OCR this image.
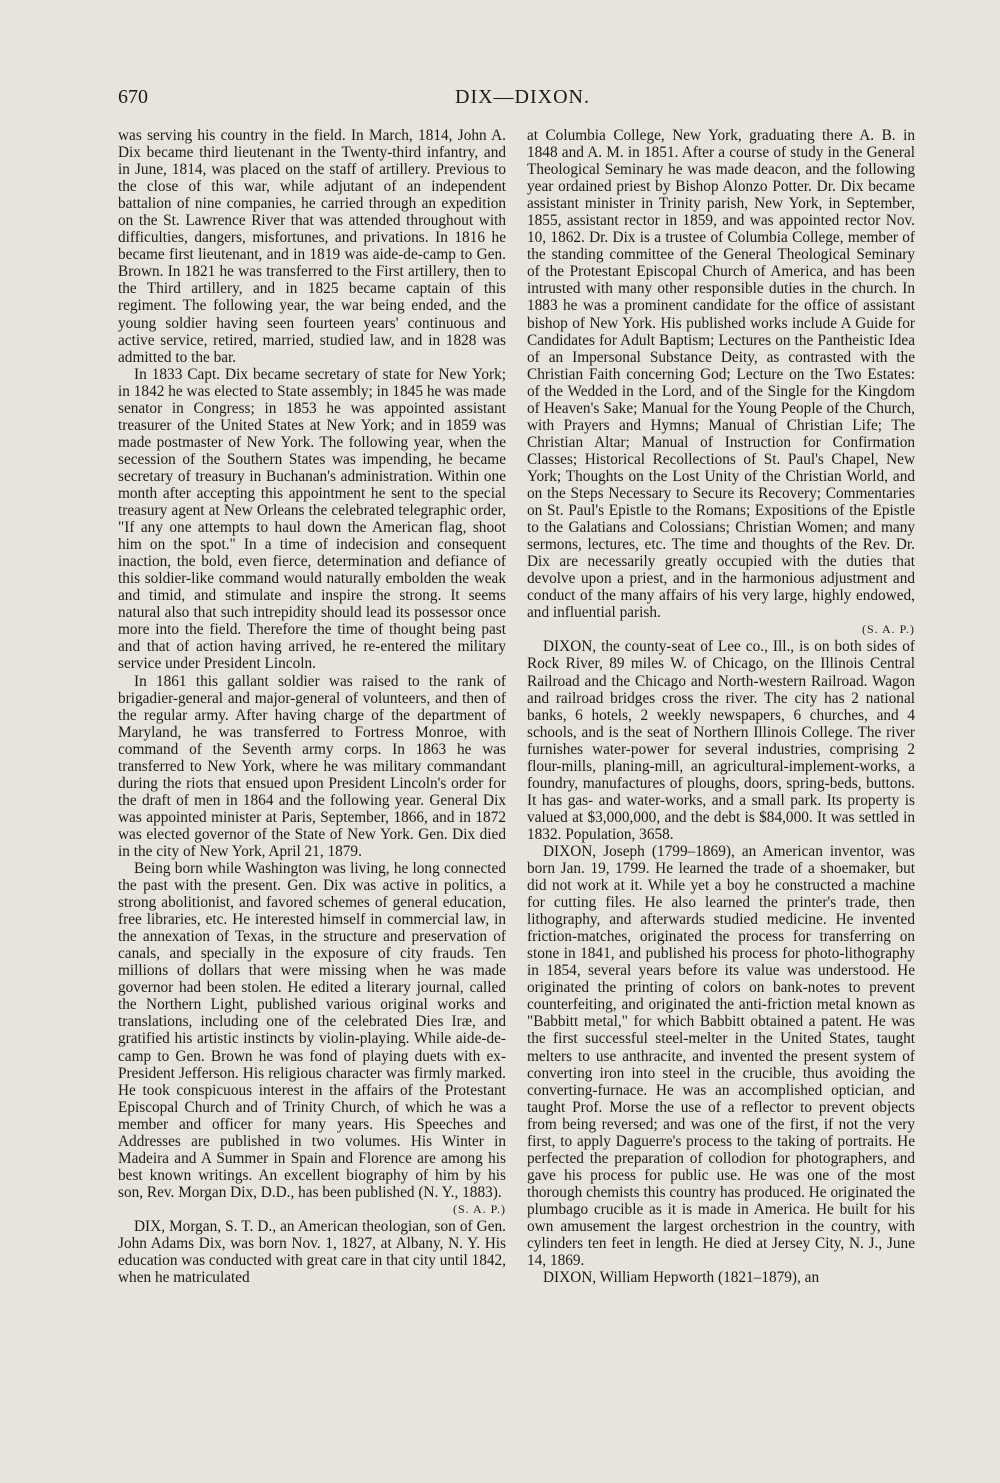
670	DIX—DIXON.

was serving his country in the field. In March, 1814, John A. Dix became third lieutenant in the Twenty-third infantry, and in June, 1814, was placed on the staff of artillery. Previous to the close of this war, while adjutant of an independent battalion of nine companies, he carried through an expedition on the St. Lawrence River that was attended throughout with difficulties, dangers, misfortunes, and privations. In 1816 he became first lieutenant, and in 1819 was aide-de-camp to Gen. Brown. In 1821 he was transferred to the First artillery, then to the Third artillery, and in 1825 became captain of this regiment. The following year, the war being ended, and the young soldier having seen fourteen years' continuous and active service, retired, married, studied law, and in 1828 was admitted to the bar.

In 1833 Capt. Dix became secretary of state for New York; in 1842 he was elected to State assembly; in 1845 he was made senator in Congress; in 1853 he was appointed assistant treasurer of the United States at New York; and in 1859 was made postmaster of New York. The following year, when the secession of the Southern States was impending, he became secretary of treasury in Buchanan's administration. Within one month after accepting this appointment he sent to the special treasury agent at New Orleans the celebrated telegraphic order, "If any one attempts to haul down the American flag, shoot him on the spot." In a time of indecision and consequent inaction, the bold, even fierce, determination and defiance of this soldier-like command would naturally embolden the weak and timid, and stimulate and inspire the strong. It seems natural also that such intrepidity should lead its possessor once more into the field. Therefore the time of thought being past and that of action having arrived, he re-entered the military service under President Lincoln.

In 1861 this gallant soldier was raised to the rank of brigadier-general and major-general of volunteers, and then of the regular army. After having charge of the department of Maryland, he was transferred to Fortress Monroe, with command of the Seventh army corps. In 1863 he was transferred to New York, where he was military commandant during the riots that ensued upon President Lincoln's order for the draft of men in 1864 and the following year. General Dix was appointed minister at Paris, September, 1866, and in 1872 was elected governor of the State of New York. Gen. Dix died in the city of New York, April 21, 1879.

Being born while Washington was living, he long connected the past with the present. Gen. Dix was active in politics, a strong abolitionist, and favored schemes of general education, free libraries, etc. He interested himself in commercial law, in the annexation of Texas, in the structure and preservation of canals, and specially in the exposure of city frauds. Ten millions of dollars that were missing when he was made governor had been stolen. He edited a literary journal, called the Northern Light, published various original works and translations, including one of the celebrated Dies Iræ, and gratified his artistic instincts by violin-playing. While aide-de-camp to Gen. Brown he was fond of playing duets with ex-President Jefferson. His religious character was firmly marked. He took conspicuous interest in the affairs of the Protestant Episcopal Church and of Trinity Church, of which he was a member and officer for many years. His Speeches and Addresses are published in two volumes. His Winter in Madeira and A Summer in Spain and Florence are among his best known writings. An excellent biography of him by his son, Rev. Morgan Dix, D.D., has been published (N. Y., 1883).

(S. A. P.)

DIX, Morgan, S. T. D., an American theologian, son of Gen. John Adams Dix, was born Nov. 1, 1827, at Albany, N. Y. His education was conducted with great care in that city until 1842, when he matriculated

at Columbia College, New York, graduating there A. B. in 1848 and A. M. in 1851. After a course of study in the General Theological Seminary he was made deacon, and the following year ordained priest by Bishop Alonzo Potter. Dr. Dix became assistant minister in Trinity parish, New York, in September, 1855, assistant rector in 1859, and was appointed rector Nov. 10, 1862. Dr. Dix is a trustee of Columbia College, member of the standing committee of the General Theological Seminary of the Protestant Episcopal Church of America, and has been intrusted with many other responsible duties in the church. In 1883 he was a prominent candidate for the office of assistant bishop of New York. His published works include A Guide for Candidates for Adult Baptism; Lectures on the Pantheistic Idea of an Impersonal Substance Deity, as contrasted with the Christian Faith concerning God; Lecture on the Two Estates: of the Wedded in the Lord, and of the Single for the Kingdom of Heaven's Sake; Manual for the Young People of the Church, with Prayers and Hymns; Manual of Christian Life; The Christian Altar; Manual of Instruction for Confirmation Classes; Historical Recollections of St. Paul's Chapel, New York; Thoughts on the Lost Unity of the Christian World, and on the Steps Necessary to Secure its Recovery; Commentaries on St. Paul's Epistle to the Romans; Expositions of the Epistle to the Galatians and Colossians; Christian Women; and many sermons, lectures, etc. The time and thoughts of the Rev. Dr. Dix are necessarily greatly occupied with the duties that devolve upon a priest, and in the harmonious adjustment and conduct of the many affairs of his very large, highly endowed, and influential parish.

(S. A. P.)

DIXON, the county-seat of Lee co., Ill., is on both sides of Rock River, 89 miles W. of Chicago, on the Illinois Central Railroad and the Chicago and North-western Railroad. Wagon and railroad bridges cross the river. The city has 2 national banks, 6 hotels, 2 weekly newspapers, 6 churches, and 4 schools, and is the seat of Northern Illinois College. The river furnishes water-power for several industries, comprising 2 flour-mills, planing-mill, an agricultural-implement-works, a foundry, manufactures of ploughs, doors, spring-beds, buttons. It has gas- and water-works, and a small park. Its property is valued at $3,000,000, and the debt is $84,000. It was settled in 1832. Population, 3658.

DIXON, Joseph (1799–1869), an American inventor, was born Jan. 19, 1799. He learned the trade of a shoemaker, but did not work at it. While yet a boy he constructed a machine for cutting files. He also learned the printer's trade, then lithography, and afterwards studied medicine. He invented friction-matches, originated the process for transferring on stone in 1841, and published his process for photo-lithography in 1854, several years before its value was understood. He originated the printing of colors on bank-notes to prevent counterfeiting, and originated the anti-friction metal known as "Babbitt metal," for which Babbitt obtained a patent. He was the first successful steel-melter in the United States, taught melters to use anthracite, and invented the present system of converting iron into steel in the crucible, thus avoiding the converting-furnace. He was an accomplished optician, and taught Prof. Morse the use of a reflector to prevent objects from being reversed; and was one of the first, if not the very first, to apply Daguerre's process to the taking of portraits. He perfected the preparation of collodion for photographers, and gave his process for public use. He was one of the most thorough chemists this country has produced. He originated the plumbago crucible as it is made in America. He built for his own amusement the largest orchestrion in the country, with cylinders ten feet in length. He died at Jersey City, N. J., June 14, 1869.

DIXON, William Hepworth (1821–1879), an
